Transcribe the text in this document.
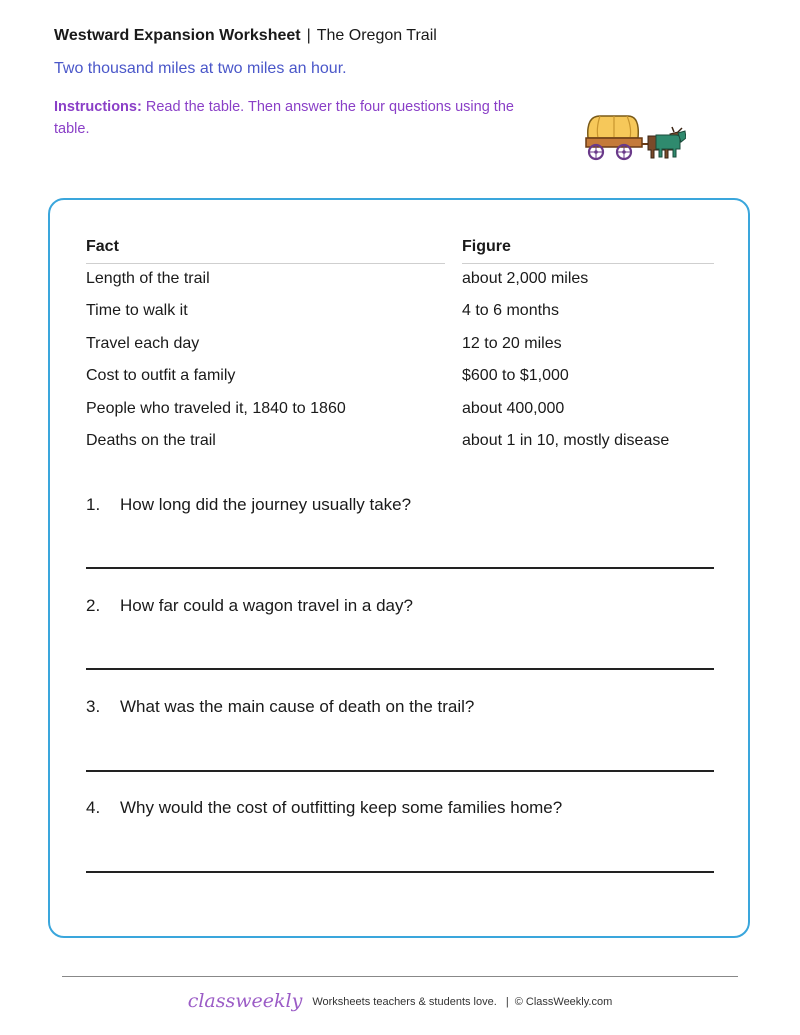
Westward Expansion Worksheet | The Oregon Trail
Two thousand miles at two miles an hour.
Instructions: Read the table. Then answer the four questions using the table.
Fact	Figure
Length of the trail	about 2,000 miles
Time to walk it	4 to 6 months
Travel each day	12 to 20 miles
Cost to outfit a family	$600 to $1,000
People who traveled it, 1840 to 1860	about 400,000
Deaths on the trail	about 1 in 10, mostly disease
1. How long did the journey usually take?
2. How far could a wagon travel in a day?
3. What was the main cause of death on the trail?
4. Why would the cost of outfitting keep some families home?
classweekly Worksheets teachers & students love. | © ClassWeekly.com
